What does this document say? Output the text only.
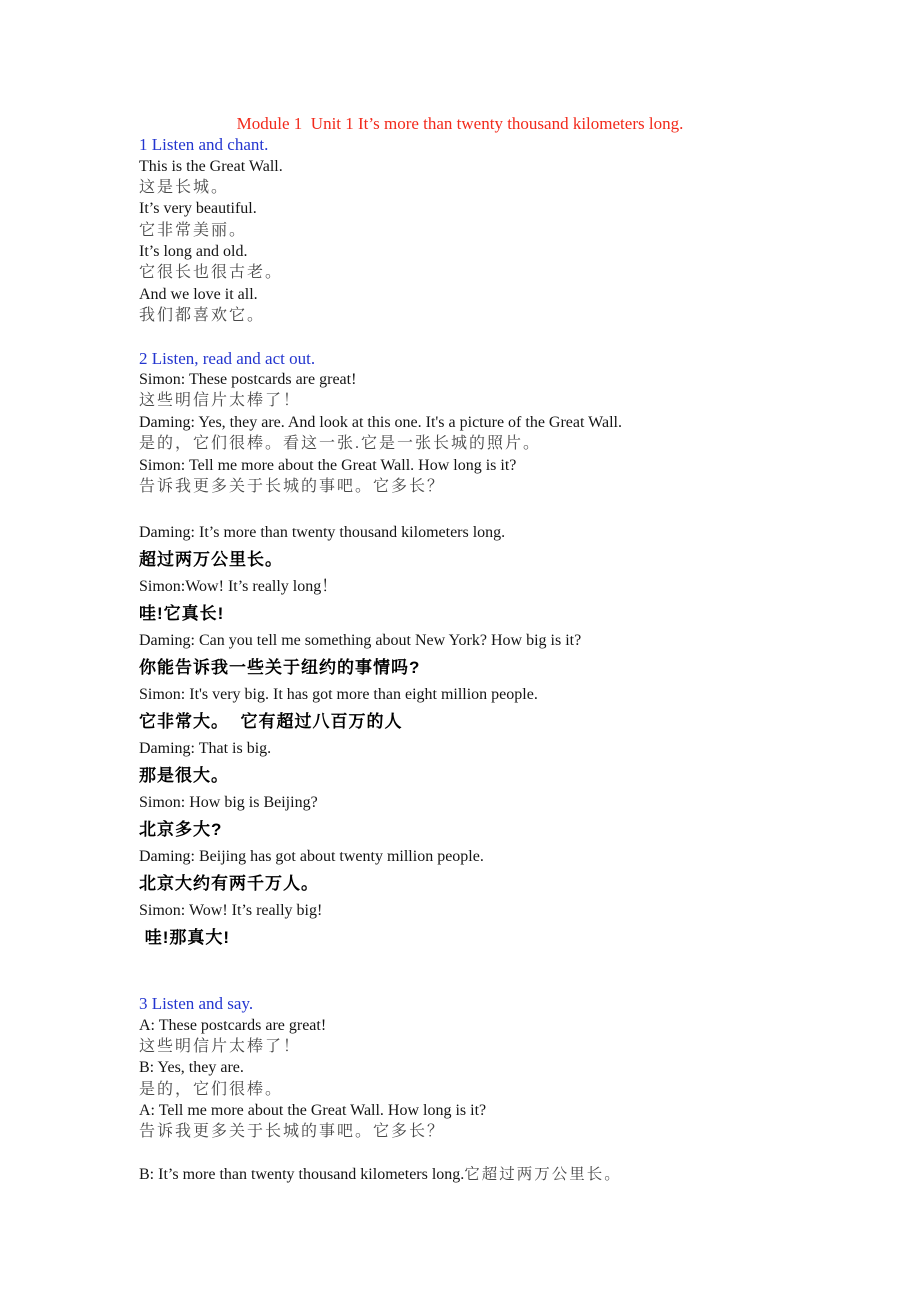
Module 1  Unit 1 It’s more than twenty thousand kilometers long.
1 Listen and chant.
This is the Great Wall.
这是长城。
It’s very beautiful.
它非常美丽。
It’s long and old.
它很长也很古老。
And we love it all.
我们都喜欢它。

2 Listen, read and act out.
Simon: These postcards are great!
这些明信片太棒了！
Daming: Yes, they are. And look at this one. It's a picture of the Great Wall.
是的，它们很棒。看这一张.它是一张长城的照片。
Simon: Tell me more about the Great Wall. How long is it?
告诉我更多关于长城的事吧。它多长？

Daming: It’s more than twenty thousand kilometers long.
超过两万公里长。
Simon:Wow! It’s really long！
哇!它真长!
Daming: Can you tell me something about New York? How big is it?
你能告诉我一些关于纽约的事情吗?
Simon: It's very big. It has got more than eight million people.
它非常大。  它有超过八百万的人
Daming: That is big.
那是很大。
Simon: How big is Beijing?
北京多大?
Daming: Beijing has got about twenty million people.
北京大约有两千万人。
Simon: Wow! It’s really big!
哇!那真大!

3 Listen and say.
A: These postcards are great!
这些明信片太棒了！
B: Yes, they are.
是的，它们很棒。
A: Tell me more about the Great Wall. How long is it?
告诉我更多关于长城的事吧。它多长？

B: It’s more than twenty thousand kilometers long.它超过两万公里长。
